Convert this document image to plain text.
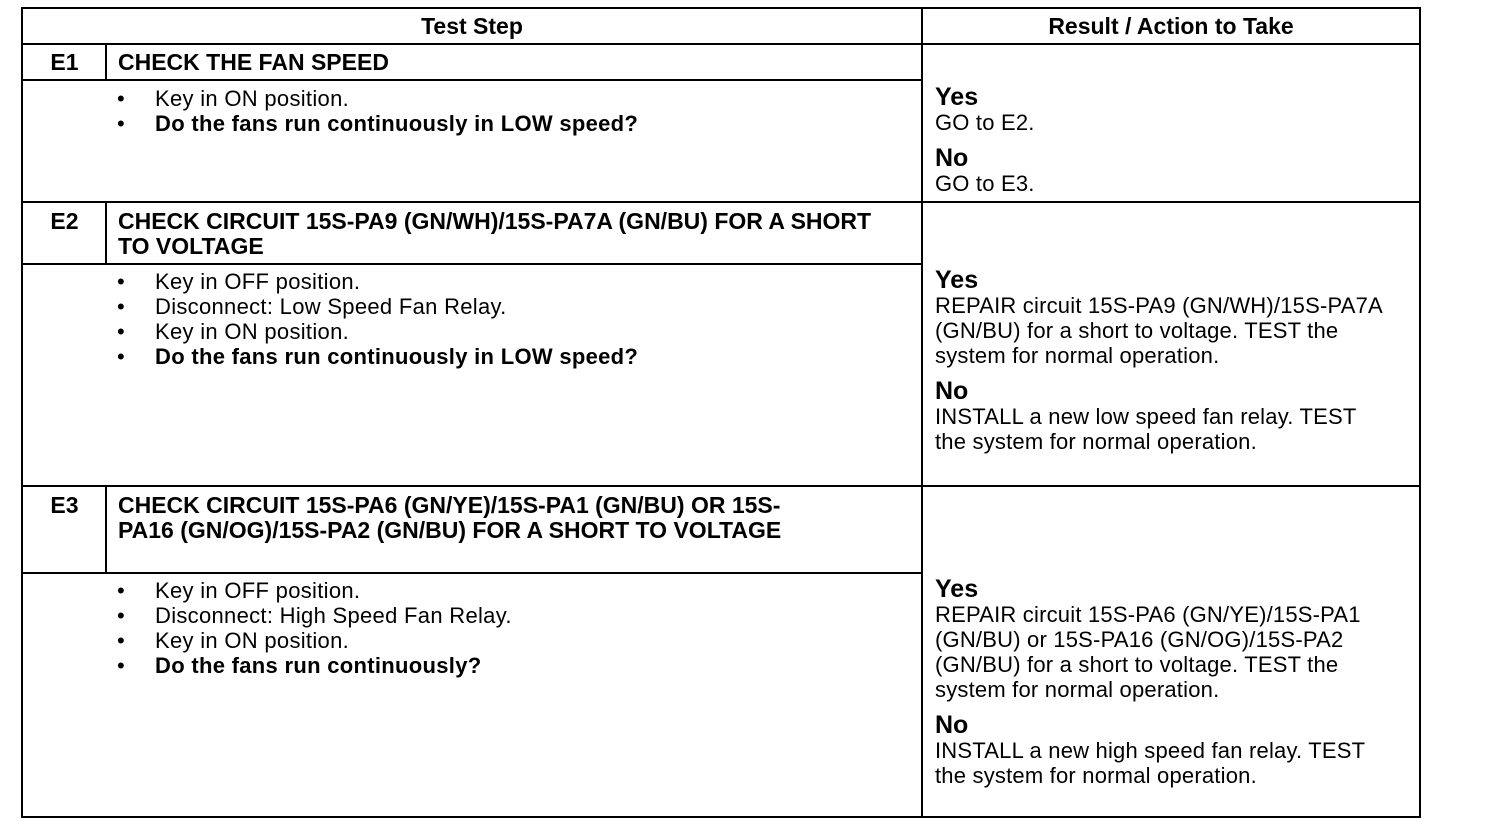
Test Step	Result / Action to Take
E1	CHECK THE FAN SPEED
• Key in ON position.
• Do the fans run continuously in LOW speed?
Yes
GO to E2.
No
GO to E3.
E2	CHECK CIRCUIT 15S-PA9 (GN/WH)/15S-PA7A (GN/BU) FOR A SHORT TO VOLTAGE
• Key in OFF position.
• Disconnect: Low Speed Fan Relay.
• Key in ON position.
• Do the fans run continuously in LOW speed?
Yes
REPAIR circuit 15S-PA9 (GN/WH)/15S-PA7A (GN/BU) for a short to voltage. TEST the system for normal operation.
No
INSTALL a new low speed fan relay. TEST the system for normal operation.
E3	CHECK CIRCUIT 15S-PA6 (GN/YE)/15S-PA1 (GN/BU) OR 15S-PA16 (GN/OG)/15S-PA2 (GN/BU) FOR A SHORT TO VOLTAGE
• Key in OFF position.
• Disconnect: High Speed Fan Relay.
• Key in ON position.
• Do the fans run continuously?
Yes
REPAIR circuit 15S-PA6 (GN/YE)/15S-PA1 (GN/BU) or 15S-PA16 (GN/OG)/15S-PA2 (GN/BU) for a short to voltage. TEST the system for normal operation.
No
INSTALL a new high speed fan relay. TEST the system for normal operation.
